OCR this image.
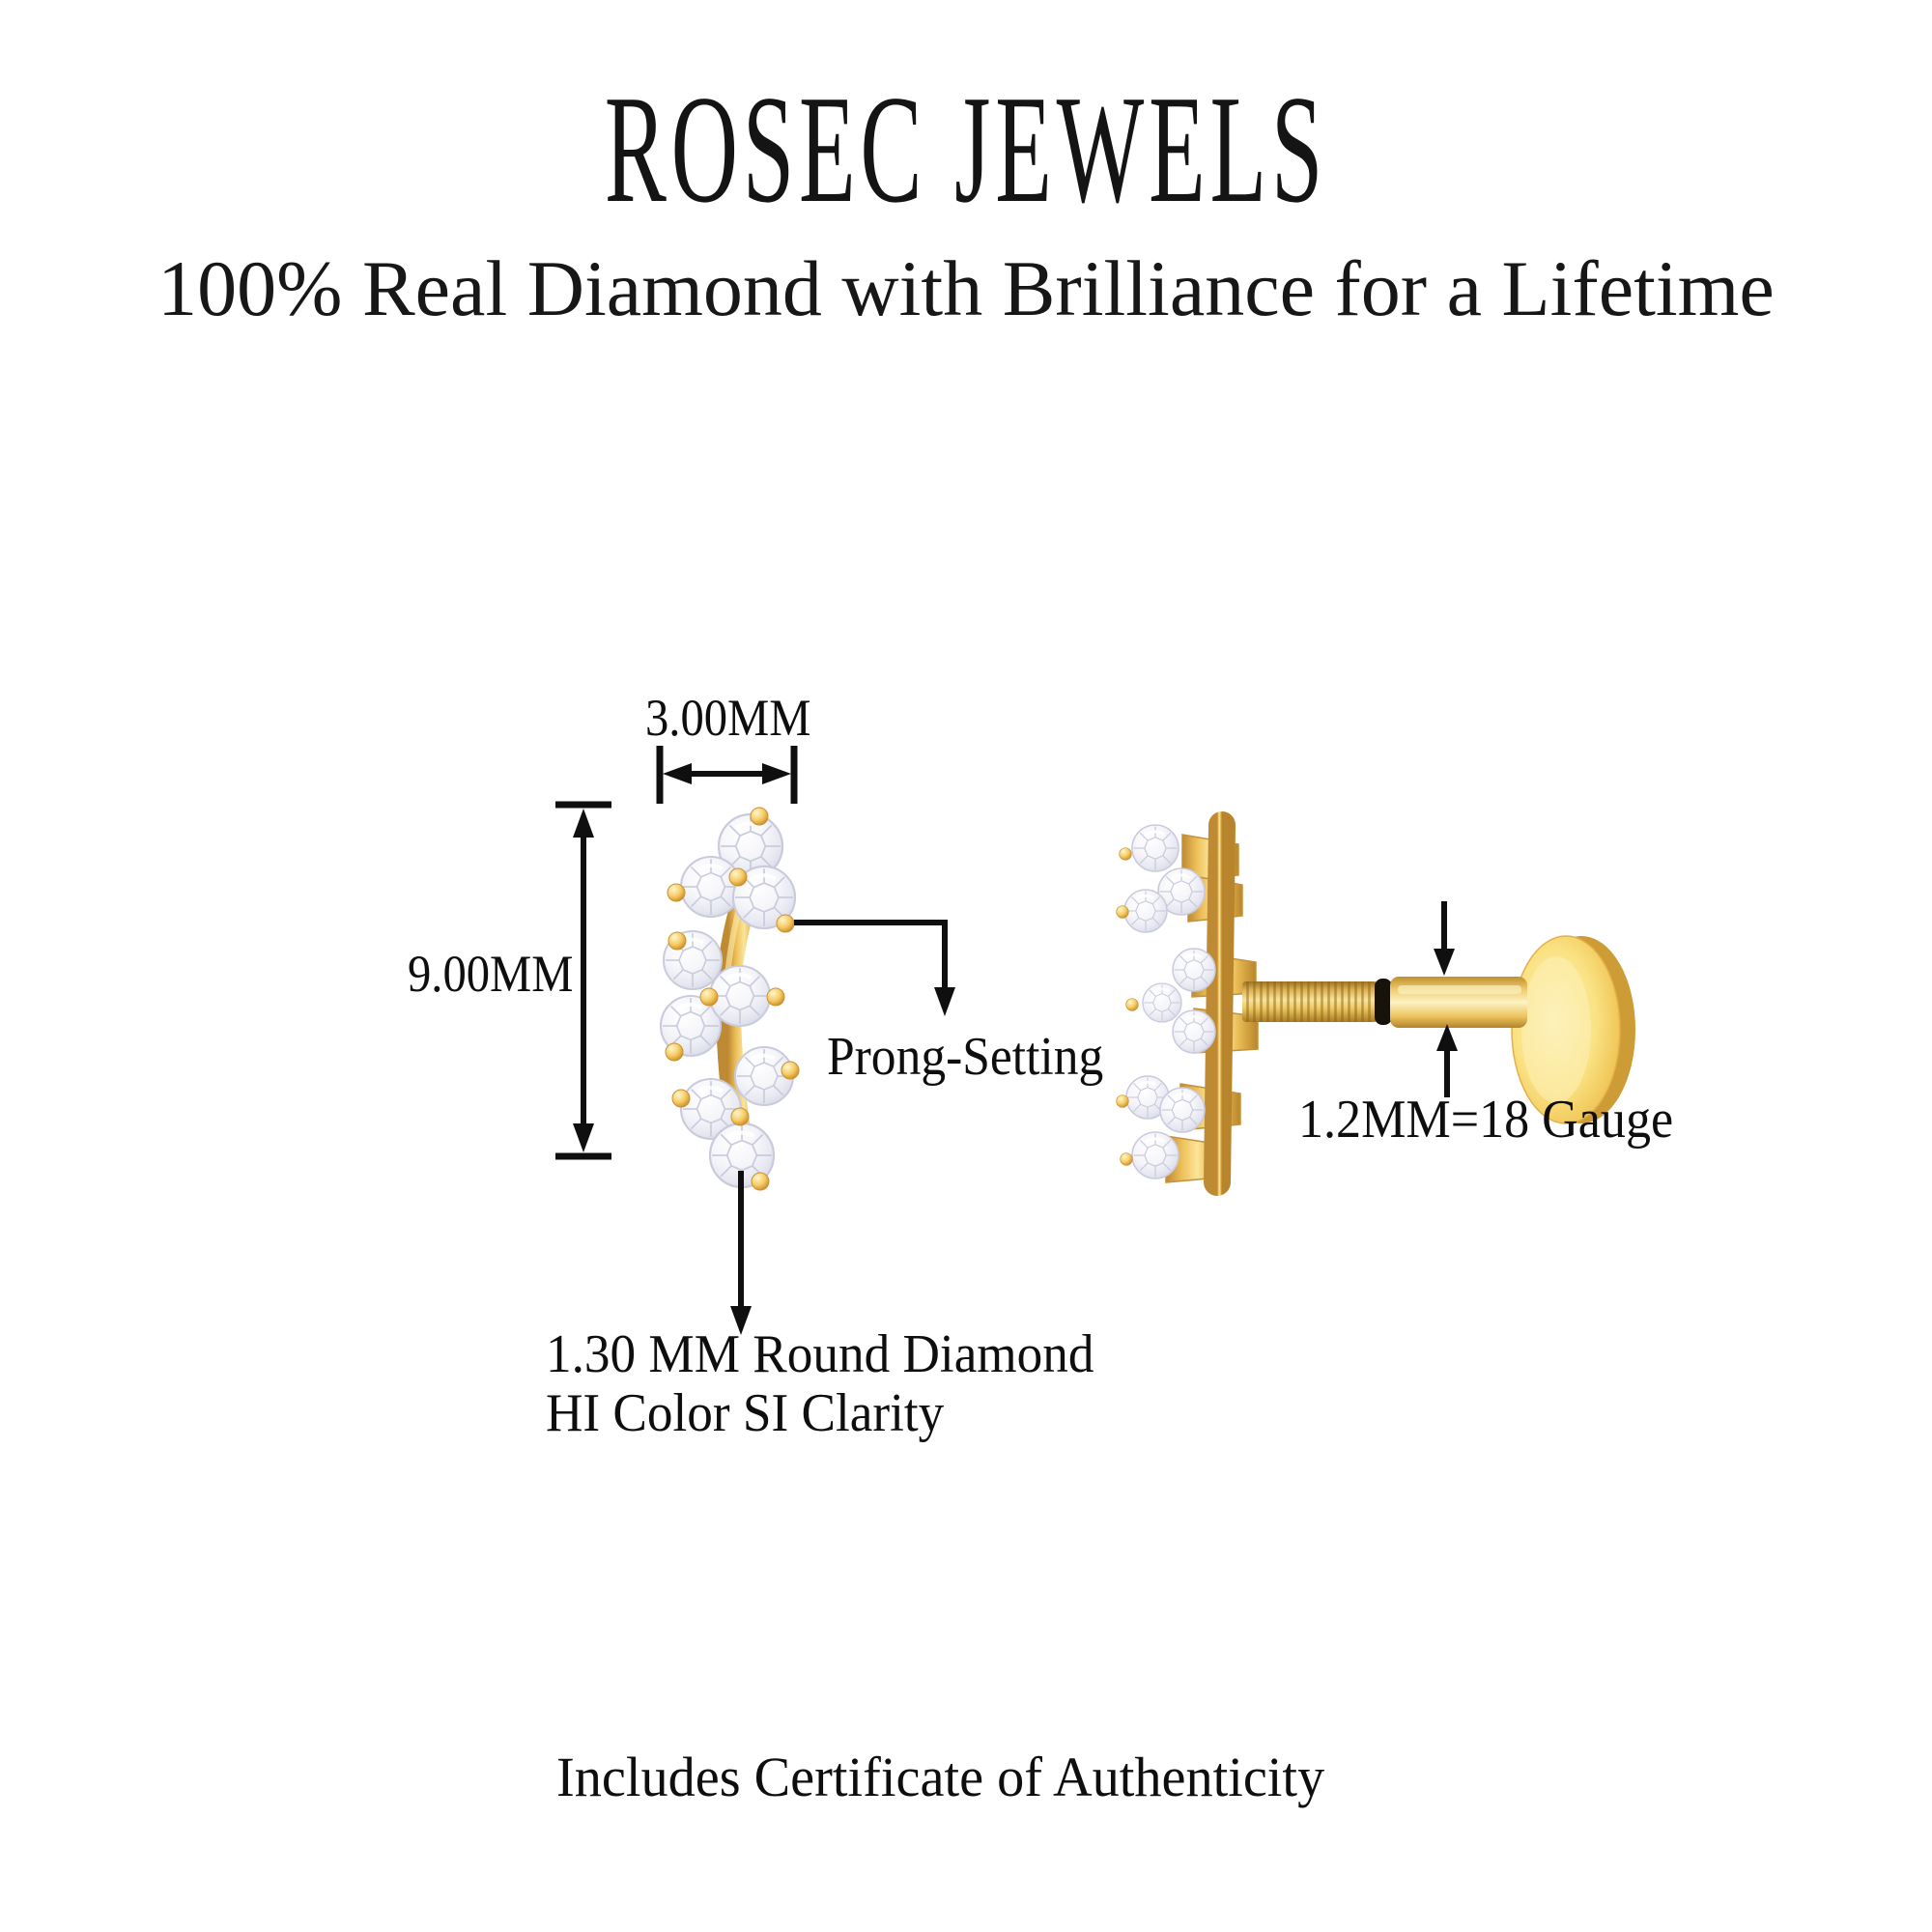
ROSEC JEWELS
100% Real Diamond with Brilliance for a Lifetime
3.00MM
9.00MM
Prong-Setting
1.2MM=18 Gauge
1.30 MM Round Diamond
HI Color SI Clarity
Includes Certificate of Authenticity
